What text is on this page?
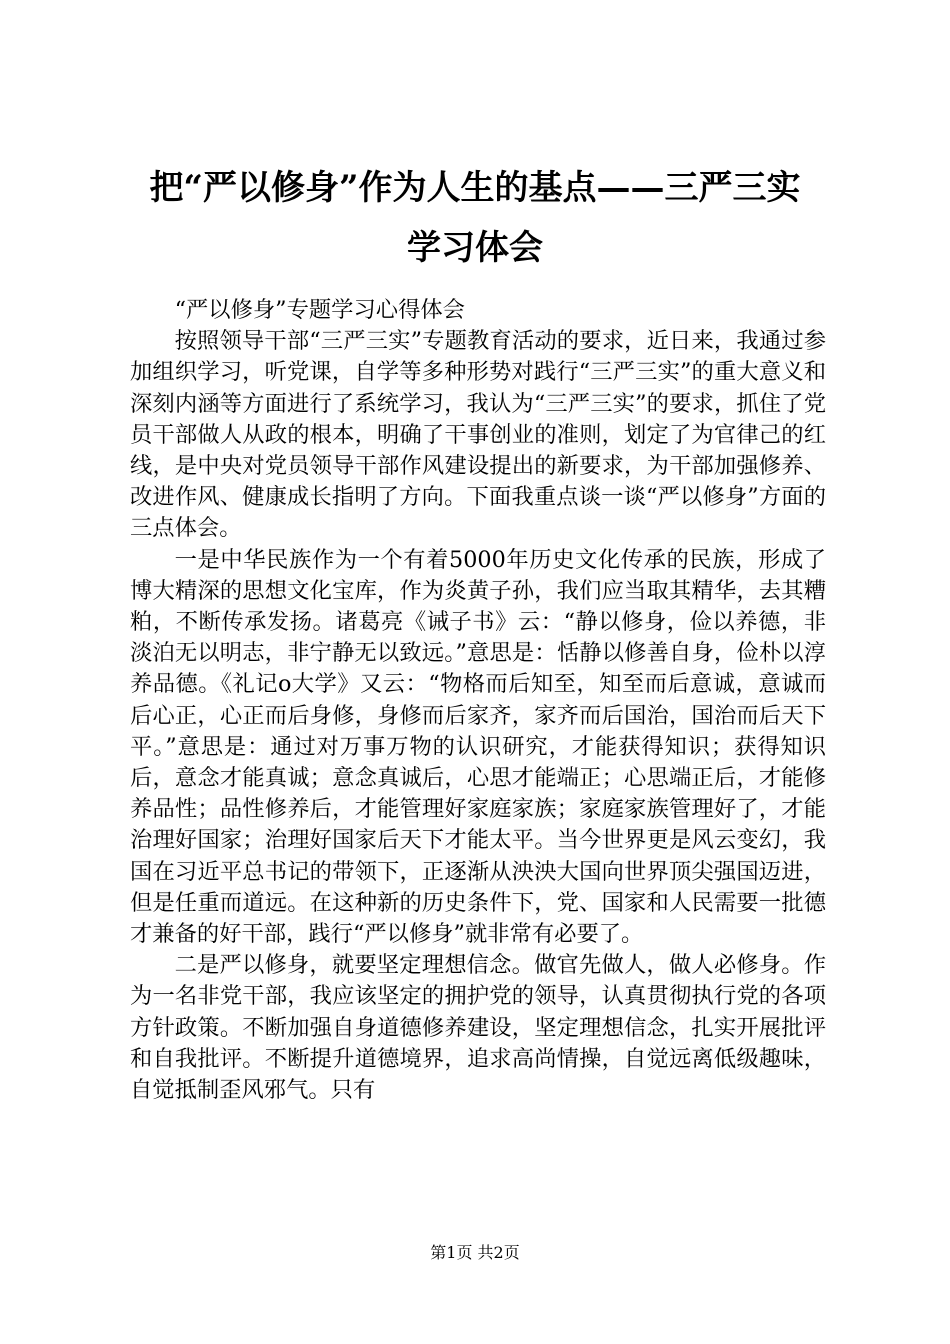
把“严以修身”作为人生的基点——三严三实
学习体会

“严以修身”专题学习心得体会

按照领导干部“三严三实”专题教育活动的要求，近日来，我通过参加组织学习，听党课，自学等多种形势对践行“三严三实”的重大意义和深刻内涵等方面进行了系统学习，我认为“三严三实”的要求，抓住了党员干部做人从政的根本，明确了干事创业的准则，划定了为官律己的红线，是中央对党员领导干部作风建设提出的新要求，为干部加强修养、改进作风、健康成长指明了方向。下面我重点谈一谈“严以修身”方面的三点体会。

一是中华民族作为一个有着5000年历史文化传承的民族，形成了博大精深的思想文化宝库，作为炎黄子孙，我们应当取其精华，去其糟粕，不断传承发扬。诸葛亮《诫子书》云：“静以修身，俭以养德，非淡泊无以明志，非宁静无以致远。”意思是：恬静以修善自身，俭朴以淳养品德。《礼记o大学》又云：“物格而后知至，知至而后意诚，意诚而后心正，心正而后身修，身修而后家齐，家齐而后国治，国治而后天下平。”意思是：通过对万事万物的认识研究，才能获得知识；获得知识后，意念才能真诚；意念真诚后，心思才能端正；心思端正后，才能修养品性；品性修养后，才能管理好家庭家族；家庭家族管理好了，才能治理好国家；治理好国家后天下才能太平。当今世界更是风云变幻，我国在习近平总书记的带领下，正逐渐从泱泱大国向世界顶尖强国迈进，但是任重而道远。在这种新的历史条件下，党、国家和人民需要一批德才兼备的好干部，践行“严以修身”就非常有必要了。

二是严以修身，就要坚定理想信念。做官先做人，做人必修身。作为一名非党干部，我应该坚定的拥护党的领导，认真贯彻执行党的各项方针政策。不断加强自身道德修养建设，坚定理想信念，扎实开展批评和自我批评。不断提升道德境界，追求高尚情操，自觉远离低级趣味，自觉抵制歪风邪气。只有

第1页 共2页
